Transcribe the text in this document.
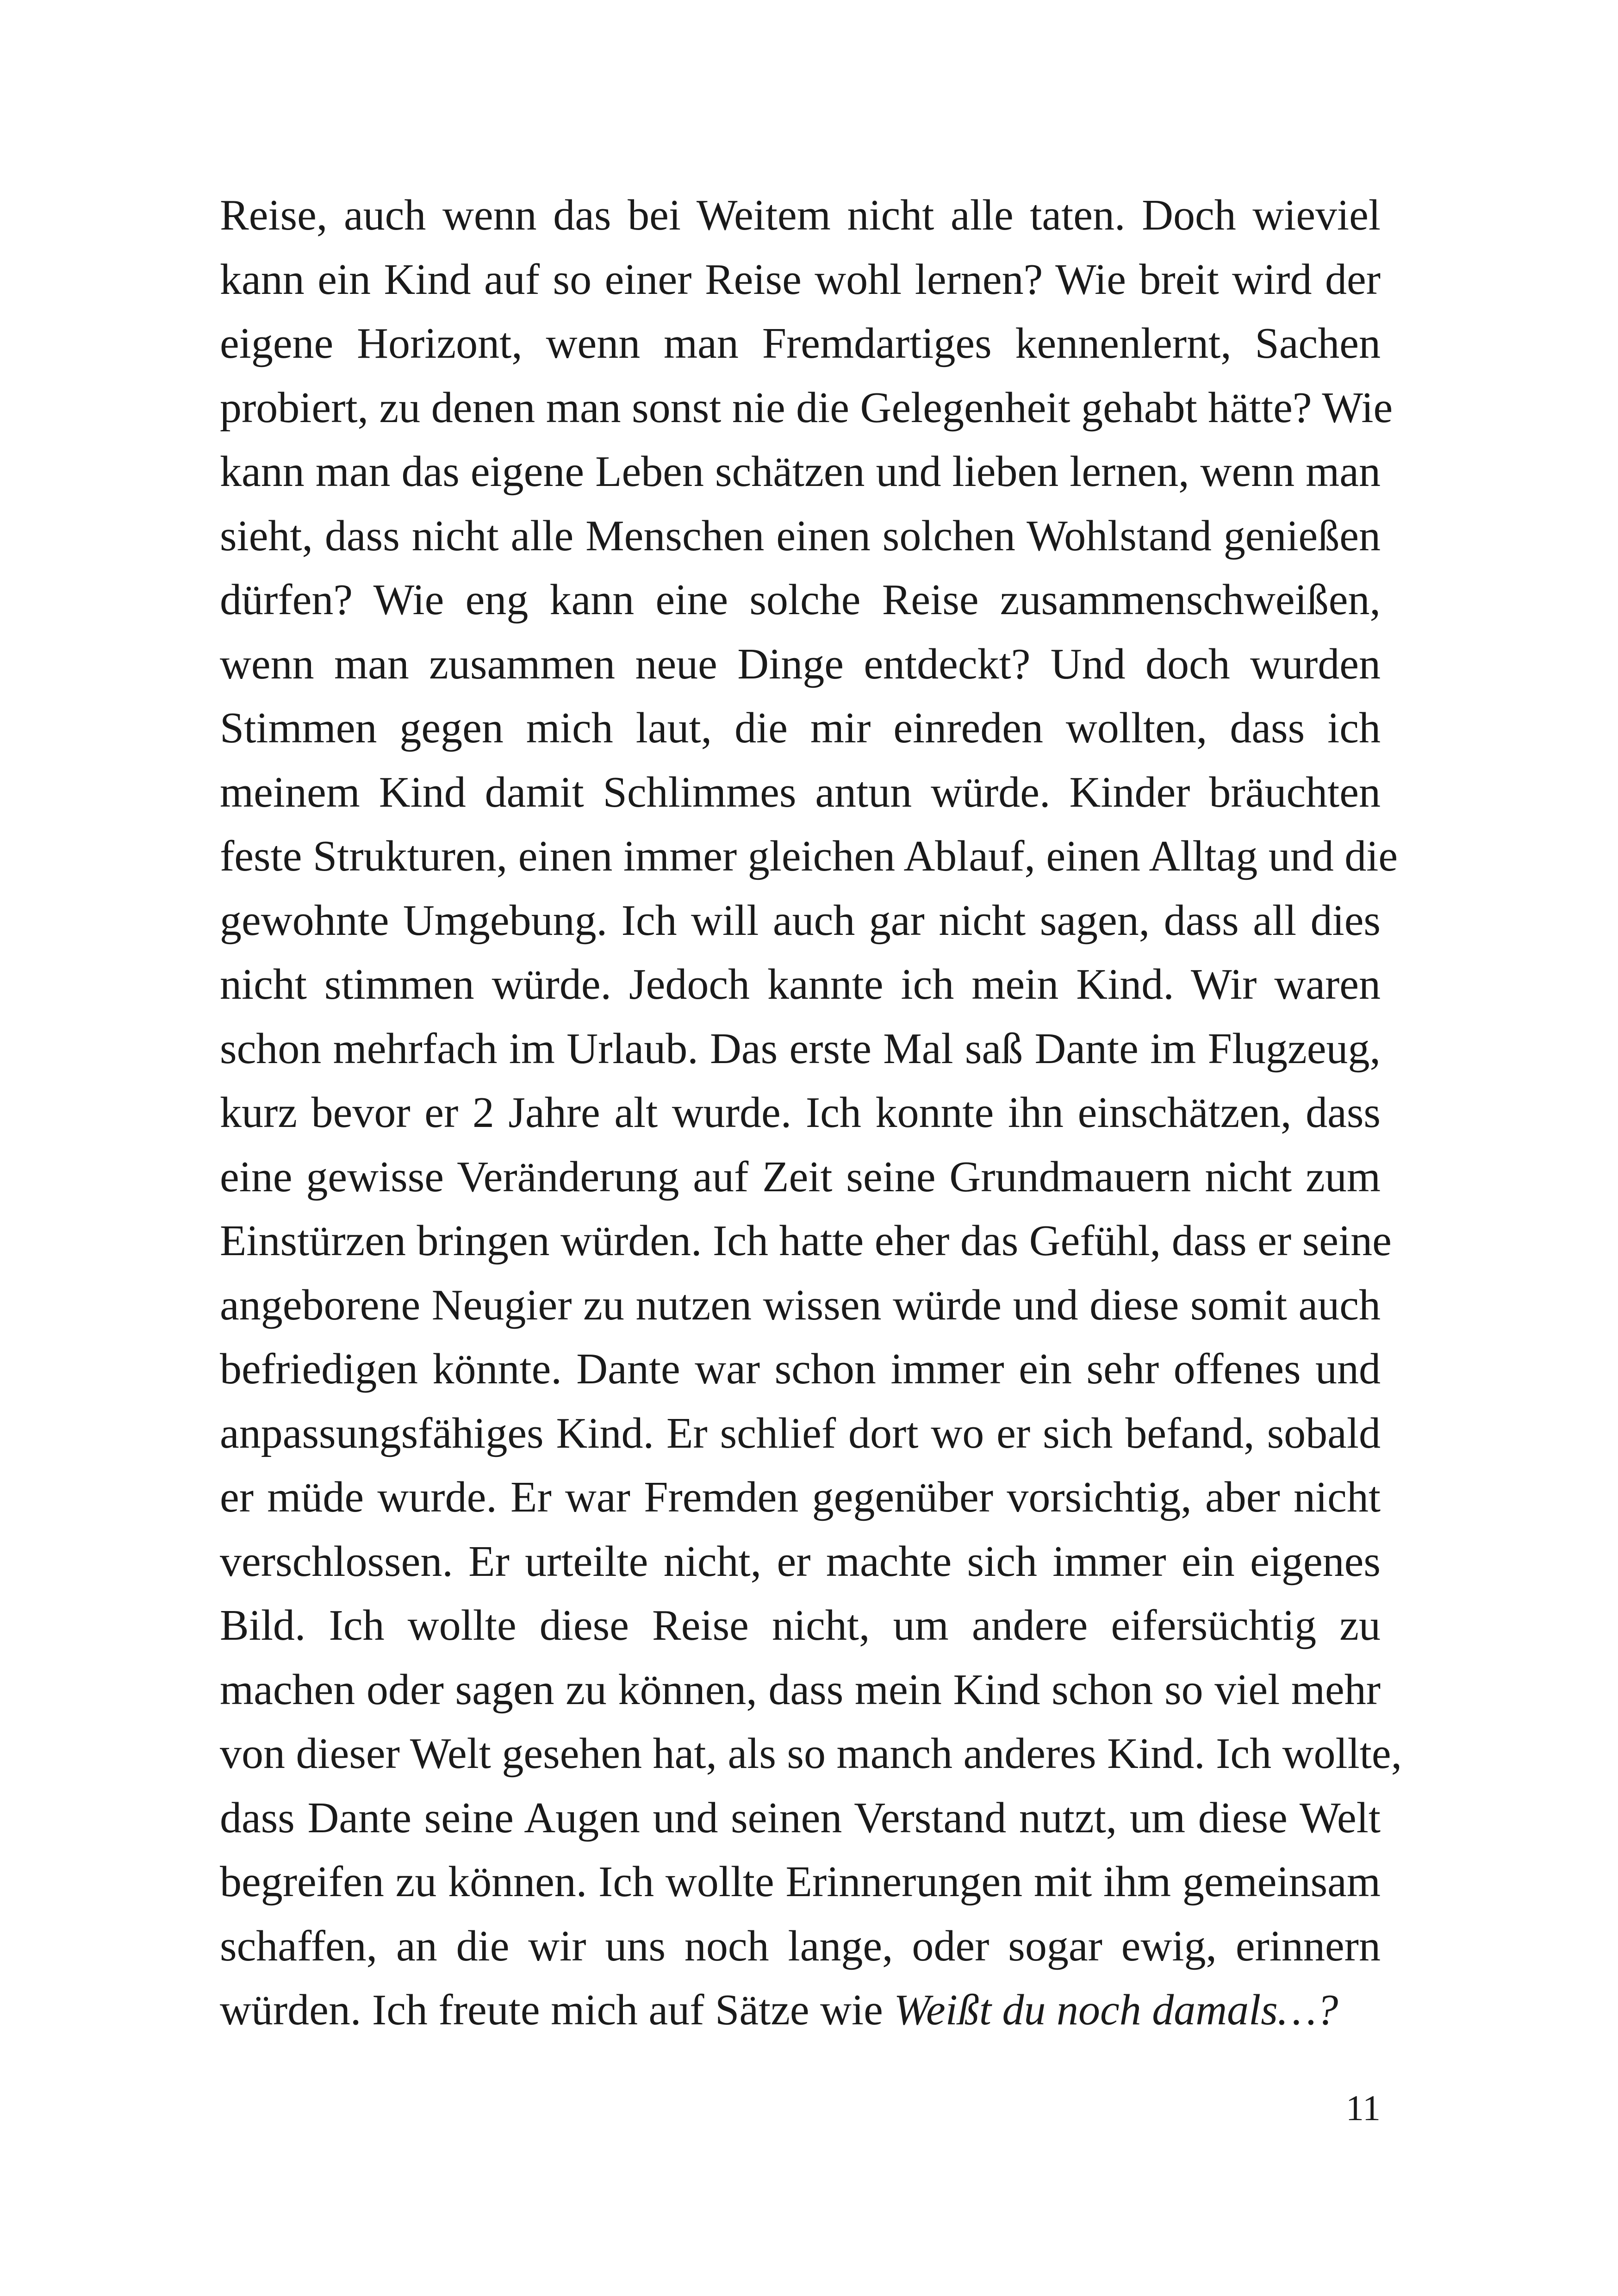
Reise, auch wenn das bei Weitem nicht alle taten. Doch wieviel
kann ein Kind auf so einer Reise wohl lernen? Wie breit wird der
eigene Horizont, wenn man Fremdartiges kennenlernt, Sachen
probiert, zu denen man sonst nie die Gelegenheit gehabt hätte? Wie
kann man das eigene Leben schätzen und lieben lernen, wenn man
sieht, dass nicht alle Menschen einen solchen Wohlstand genießen
dürfen? Wie eng kann eine solche Reise zusammenschweißen,
wenn man zusammen neue Dinge entdeckt? Und doch wurden
Stimmen gegen mich laut, die mir einreden wollten, dass ich
meinem Kind damit Schlimmes antun würde. Kinder bräuchten
feste Strukturen, einen immer gleichen Ablauf, einen Alltag und die
gewohnte Umgebung. Ich will auch gar nicht sagen, dass all dies
nicht stimmen würde. Jedoch kannte ich mein Kind. Wir waren
schon mehrfach im Urlaub. Das erste Mal saß Dante im Flugzeug,
kurz bevor er 2 Jahre alt wurde. Ich konnte ihn einschätzen, dass
eine gewisse Veränderung auf Zeit seine Grundmauern nicht zum
Einstürzen bringen würden. Ich hatte eher das Gefühl, dass er seine
angeborene Neugier zu nutzen wissen würde und diese somit auch
befriedigen könnte. Dante war schon immer ein sehr offenes und
anpassungsfähiges Kind. Er schlief dort wo er sich befand, sobald
er müde wurde. Er war Fremden gegenüber vorsichtig, aber nicht
verschlossen. Er urteilte nicht, er machte sich immer ein eigenes
Bild. Ich wollte diese Reise nicht, um andere eifersüchtig zu
machen oder sagen zu können, dass mein Kind schon so viel mehr
von dieser Welt gesehen hat, als so manch anderes Kind. Ich wollte,
dass Dante seine Augen und seinen Verstand nutzt, um diese Welt
begreifen zu können. Ich wollte Erinnerungen mit ihm gemeinsam
schaffen, an die wir uns noch lange, oder sogar ewig, erinnern
würden. Ich freute mich auf Sätze wie Weißt du noch damals…?
11
